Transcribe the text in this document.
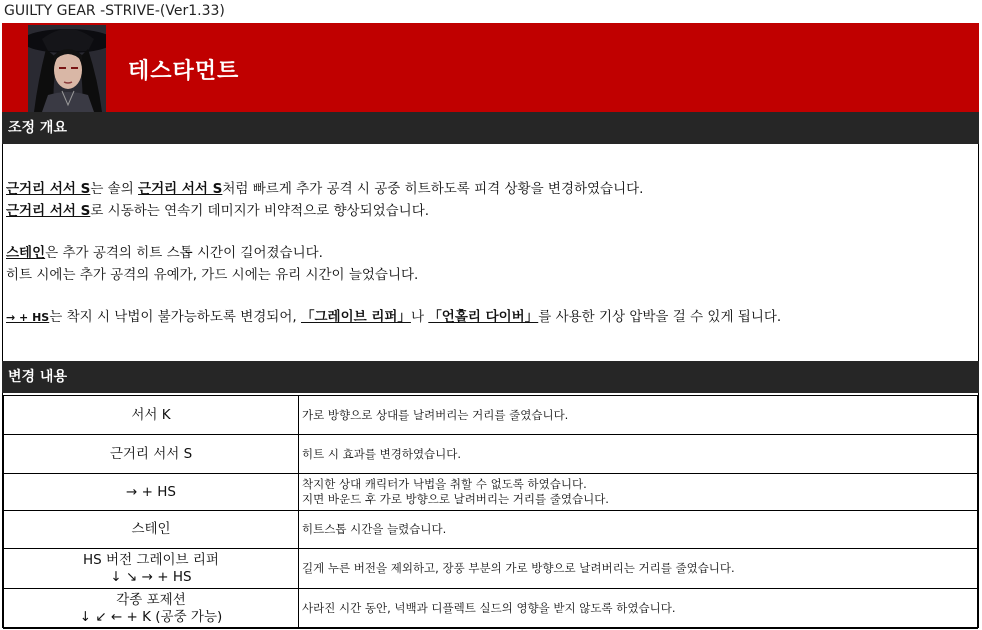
GUILTY GEAR -STRIVE-(Ver1.33)
테스타먼트
조정 개요

근거리 서서 S는 솔의 근거리 서서 S처럼 빠르게 추가 공격 시 공중 히트하도록 피격 상황을 변경하였습니다.

근거리 서서 S로 시동하는 연속기 데미지가 비약적으로 향상되었습니다.

스테인은 추가 공격의 히트 스톱 시간이 길어졌습니다.

히트 시에는 추가 공격의 유예가, 가드 시에는 유리 시간이 늘었습니다.

→ + HS는 착지 시 낙법이 불가능하도록 변경되어, 「그레이브 리퍼」나 「언홀리 다이버」를 사용한 기상 압박을 걸 수 있게 됩니다.

변경 내용
서서 K	가로 방향으로 상대를 날려버리는 거리를 줄였습니다.

근거리 서서 S	히트 시 효과를 변경하였습니다.

→ + HS	착지한 상대 캐릭터가 낙법을 취할 수 없도록 하였습니다.
지면 바운드 후 가로 방향으로 날려버리는 거리를 줄였습니다.

스테인	히트스톱 시간을 늘렸습니다.

HS 버전 그레이브 리퍼
↓ ↘ → + HS	길게 누른 버전을 제외하고, 장풍 부분의 가로 방향으로 날려버리는 거리를 줄였습니다.

각종 포제션
↓ ↙ ← + K (공중 가능)	사라진 시간 동안, 넉백과 디플렉트 실드의 영향을 받지 않도록 하였습니다.
